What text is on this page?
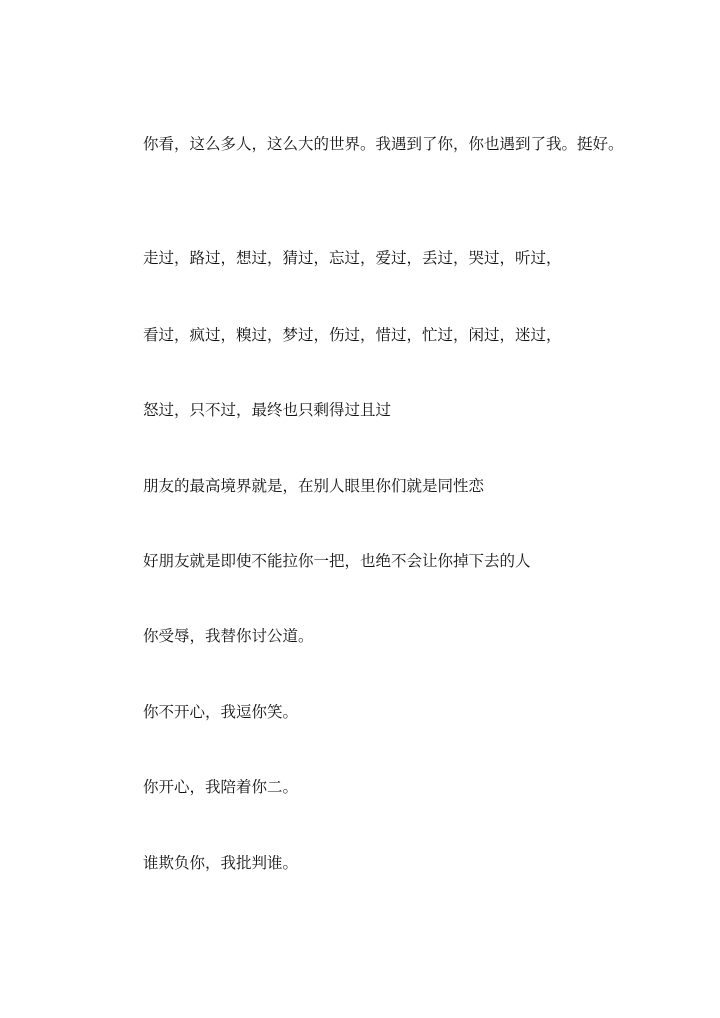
你看，这么多人，这么大的世界。我遇到了你，你也遇到了我。挺好。

走过，路过，想过，猜过，忘过，爱过，丢过，哭过，听过，

看过，疯过，糗过，梦过，伤过，惜过，忙过，闲过，迷过，

怒过，只不过，最终也只剩得过且过

朋友的最高境界就是，在别人眼里你们就是同性恋

好朋友就是即使不能拉你一把，也绝不会让你掉下去的人

你受辱，我替你讨公道。

你不开心，我逗你笑。

你开心，我陪着你二。

谁欺负你，我批判谁。
